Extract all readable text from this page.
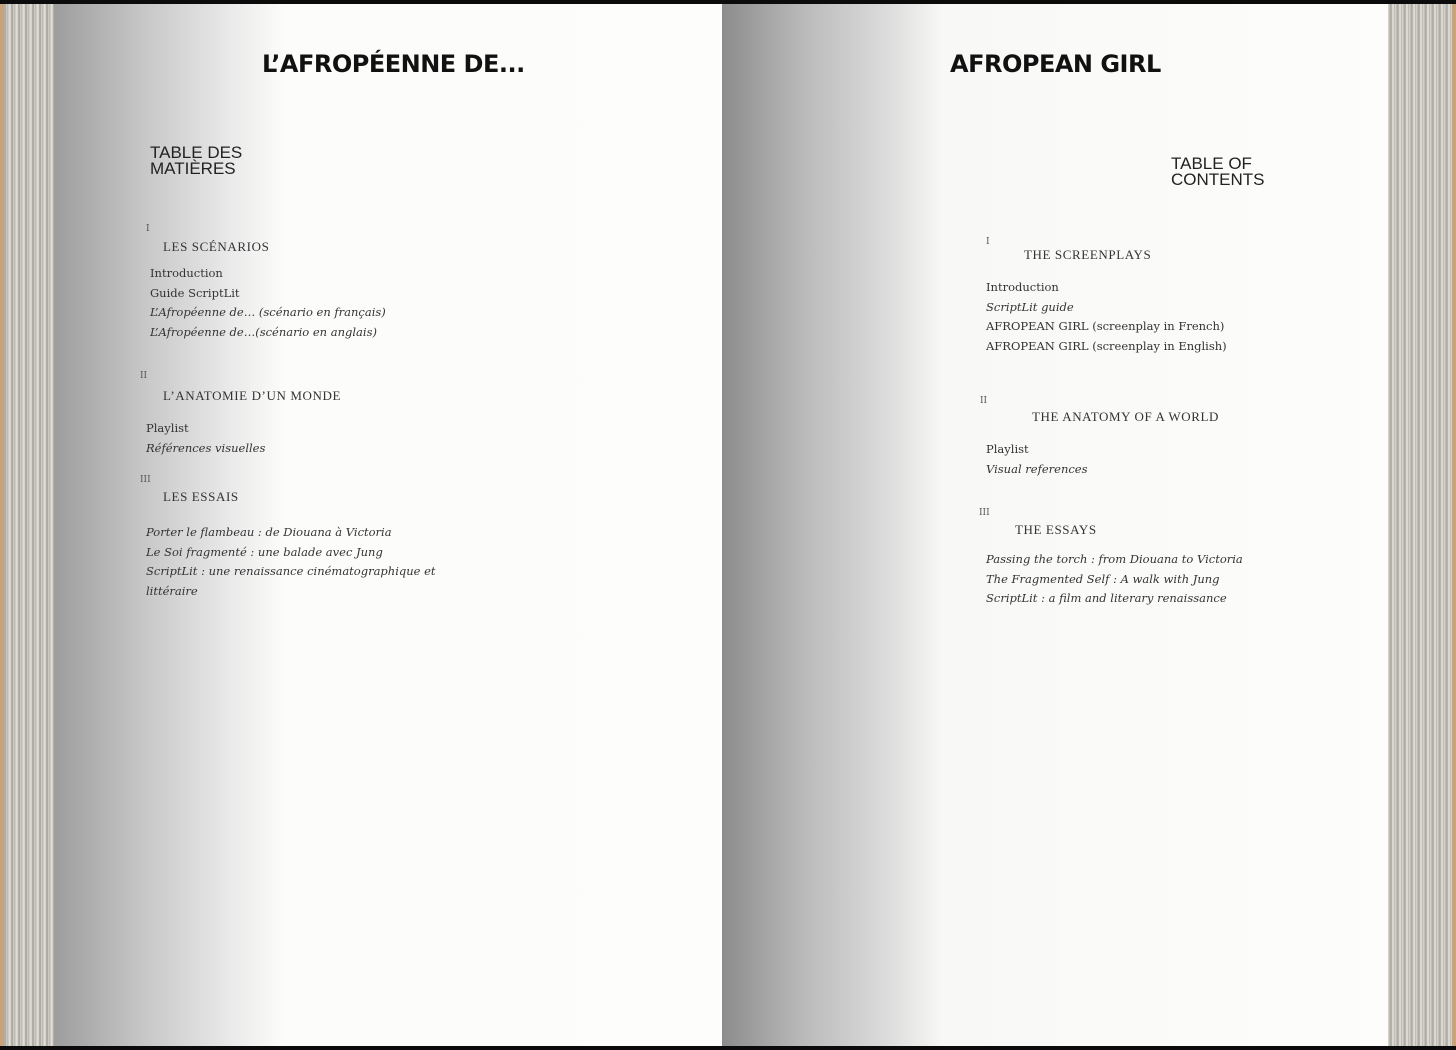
L’AFROPÉENNE DE...
TABLE DES
MATIÈRES
I
LES SCÉNARIOS
Introduction
Guide ScriptLit
L’Afropéenne de… (scénario en français)
L’Afropéenne de…(scénario en anglais)
II
L’ANATOMIE D’UN MONDE
Playlist
Références visuelles
III
LES ESSAIS
Porter le flambeau : de Diouana à Victoria
Le Soi fragmenté : une balade avec Jung
ScriptLit : une renaissance cinématographique et
littéraire
AFROPEAN GIRL
TABLE OF
CONTENTS
I
THE SCREENPLAYS
Introduction
ScriptLit guide
AFROPEAN GIRL (screenplay in French)
AFROPEAN GIRL (screenplay in English)
II
THE ANATOMY OF A WORLD
Playlist
Visual references
III
THE ESSAYS
Passing the torch : from Diouana to Victoria
The Fragmented Self : A walk with Jung
ScriptLit : a film and literary renaissance
